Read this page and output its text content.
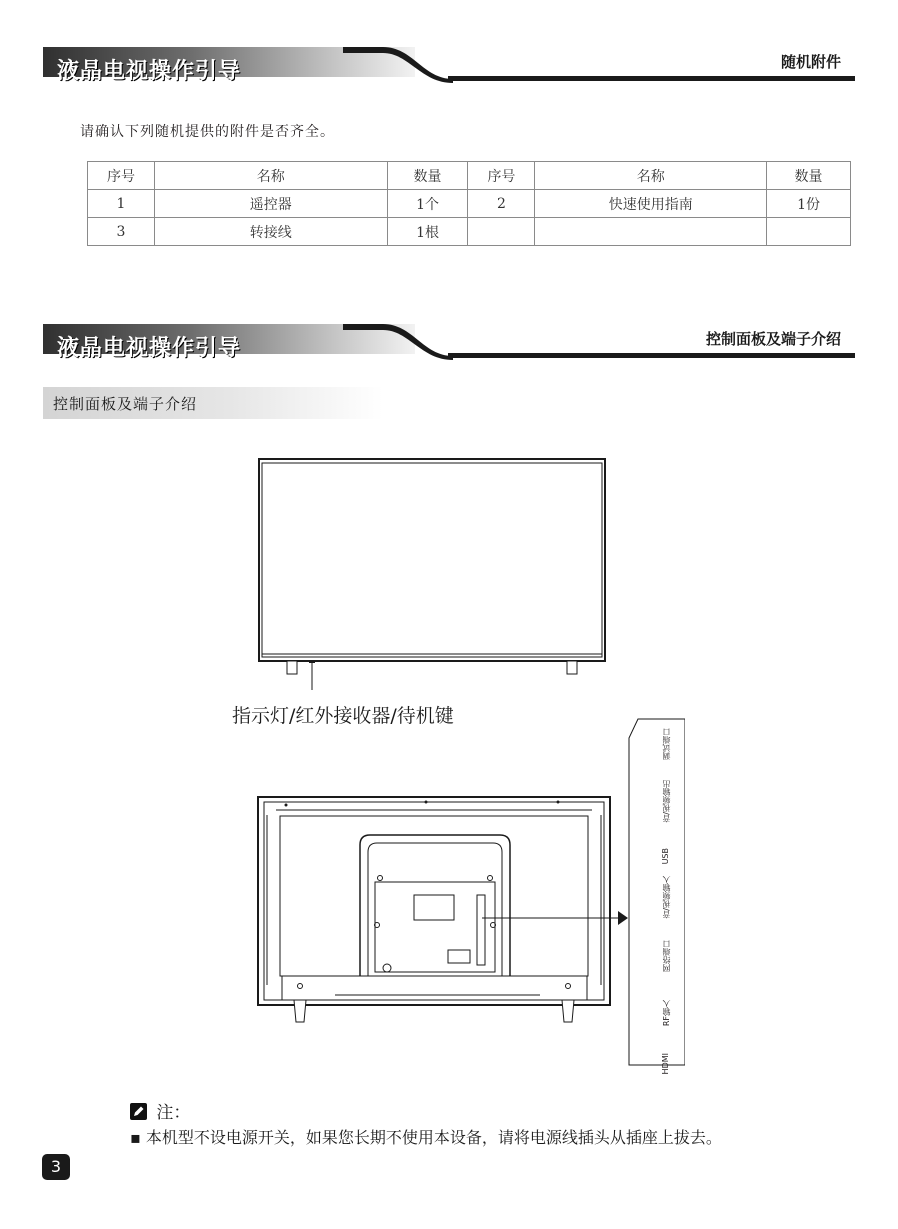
液晶电视操作引导	随机附件
请确认下列随机提供的附件是否齐全。
序号	名称	数量	序号	名称	数量
1	遥控器	1个	2	快速使用指南	1份
3	转接线	1根			
液晶电视操作引导	控制面板及端子介绍
控制面板及端子介绍
指示灯/红外接收器/待机键
调试端口
音/视频输出
USB
音/视频输入
网络端口
RF输入
HDMI
注：
▪ 本机型不设电源开关，如果您长期不使用本设备，请将电源线插头从插座上拔去。
3
